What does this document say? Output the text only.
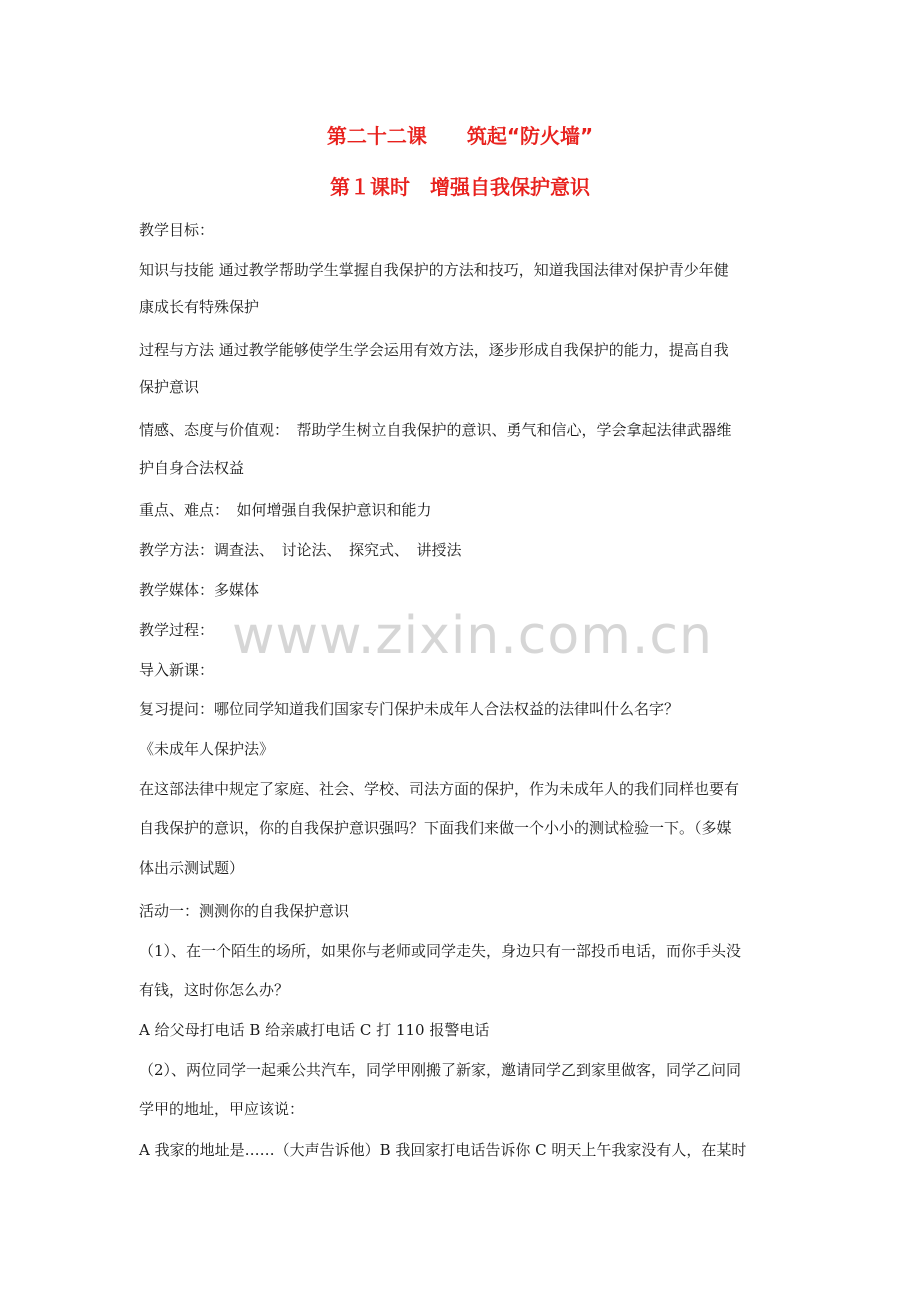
第二十二课　　筑起“防火墙”
第１课时　增强自我保护意识
教学目标：
知识与技能 通过教学帮助学生掌握自我保护的方法和技巧，知道我国法律对保护青少年健
康成长有特殊保护
过程与方法 通过教学能够使学生学会运用有效方法，逐步形成自我保护的能力，提高自我
保护意识
情感、态度与价值观：　帮助学生树立自我保护的意识、勇气和信心，学会拿起法律武器维
护自身合法权益
重点、难点：　如何增强自我保护意识和能力
教学方法：调查法、　讨论法、　探究式、　讲授法
教学媒体：多媒体
教学过程：
导入新课：
复习提问：哪位同学知道我们国家专门保护未成年人合法权益的法律叫什么名字？
《未成年人保护法》
在这部法律中规定了家庭、社会、学校、司法方面的保护，作为未成年人的我们同样也要有
自我保护的意识，你的自我保护意识强吗？下面我们来做一个小小的测试检验一下。（多媒
体出示测试题）
活动一：测测你的自我保护意识
（1）、在一个陌生的场所，如果你与老师或同学走失，身边只有一部投币电话，而你手头没
有钱，这时你怎么办？
A 给父母打电话 B 给亲戚打电话 C 打 110 报警电话
（2）、两位同学一起乘公共汽车，同学甲刚搬了新家，邀请同学乙到家里做客，同学乙问同
学甲的地址，甲应该说：
A 我家的地址是……（大声告诉他）B 我回家打电话告诉你 C 明天上午我家没有人，在某时
www.zixin.com.cn
